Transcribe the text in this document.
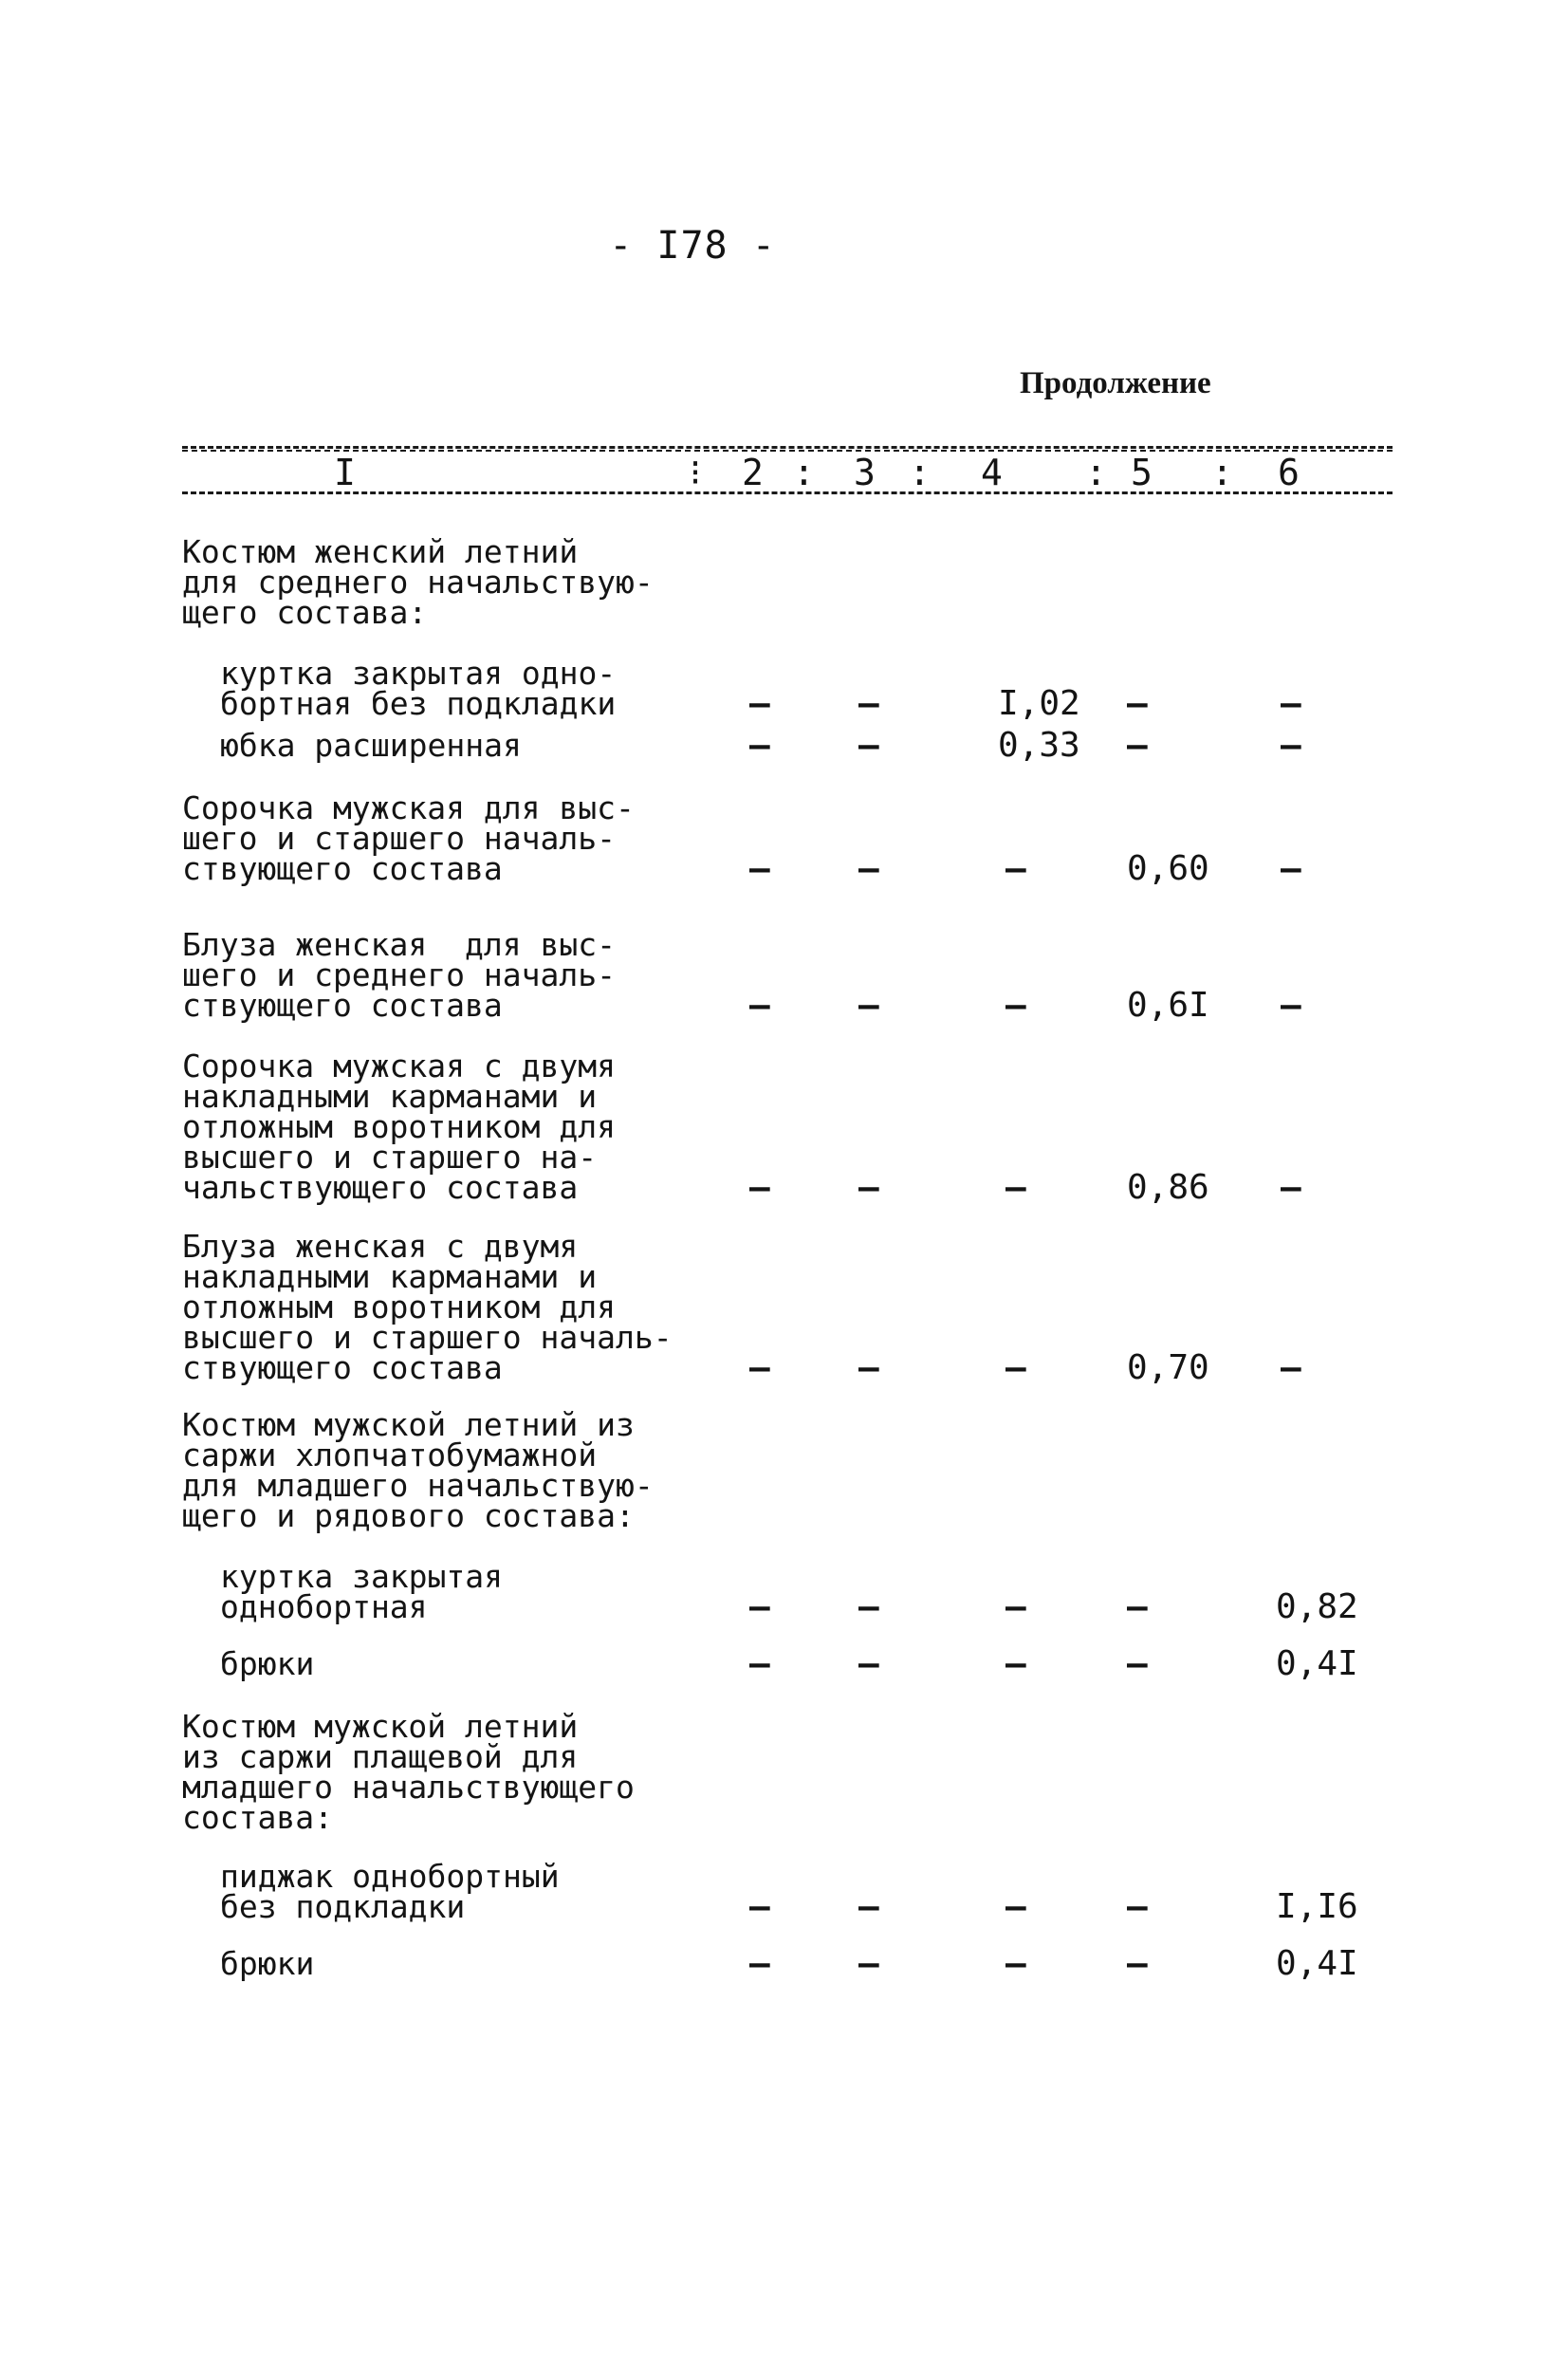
- I78 -
Продолжение
I	⁝ 2 : 3 : 4 : 5 : 6
Костюм женский летний
для среднего начальствую-
щего состава:
куртка закрытая одно-
бортная без подкладки	–	–	I,02 –	–
юбка расширенная	–	–	0,33 –	–
Сорочка мужская для выс-
шего и старшего началь-
ствующего состава	–	–	–	0,60 –
Блуза женская  для выс-
шего и среднего началь-
ствующего состава	–	–	–	0,6I –
Сорочка мужская с двумя
накладными карманами и
отложным воротником для
высшего и старшего на-
чальствующего состава	–	–	–	0,86 –
Блуза женская с двумя
накладными карманами и
отложным воротником для
высшего и старшего началь-
ствующего состава	–	–	–	0,70 –
Костюм мужской летний из
саржи хлопчатобумажной
для младшего начальствую-
щего и рядового состава:
куртка закрытая
однобортная	–	–	–	–	0,82
брюки	–	–	–	–	0,4I
Костюм мужской летний
из саржи плащевой для
младшего начальствующего
состава:
пиджак однобортный
без подкладки	–	–	–	–	I,I6
брюки	–	–	–	–	0,4I
